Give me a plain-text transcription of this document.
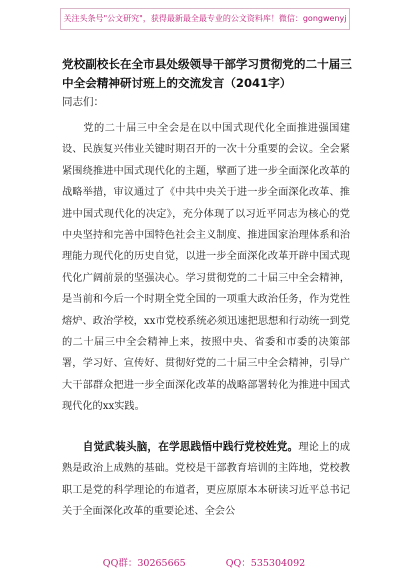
关注头条号"公文研究"，获得最新最全最专业的公文资料库！微信：gongwenyj
党校副校长在全市县处级领导干部学习贯彻党的二十届三中全会精神研讨班上的交流发言（2041字）
同志们：

　　党的二十届三中全会是在以中国式现代化全面推进强国建设、民族复兴伟业关键时期召开的一次十分重要的会议。全会紧紧围绕推进中国式现代化的主题，擘画了进一步全面深化改革的战略举措，审议通过了《中共中央关于进一步全面深化改革、推进中国式现代化的决定》，充分体现了以习近平同志为核心的党中央坚持和完善中国特色社会主义制度、推进国家治理体系和治理能力现代化的历史自觉，以进一步全面深化改革开辟中国式现代化广阔前景的坚强决心。学习贯彻党的二十届三中全会精神，是当前和今后一个时期全党全国的一项重大政治任务，作为党性熔炉、政治学校，xx市党校系统必须迅速把思想和行动统一到党的二十届三中全会精神上来，按照中央、省委和市委的决策部署，学习好、宣传好、贯彻好党的二十届三中全会精神，引导广大干部群众把进一步全面深化改革的战略部署转化为推进中国式现代化的xx实践。

　　自觉武装头脑，在学思践悟中践行党校姓党。理论上的成熟是政治上成熟的基础。党校是干部教育培训的主阵地，党校教职工是党的科学理论的布道者，更应原原本本研读习近平总书记关于全面深化改革的重要论述、全会公

QQ群：30265665	QQ：535304092
